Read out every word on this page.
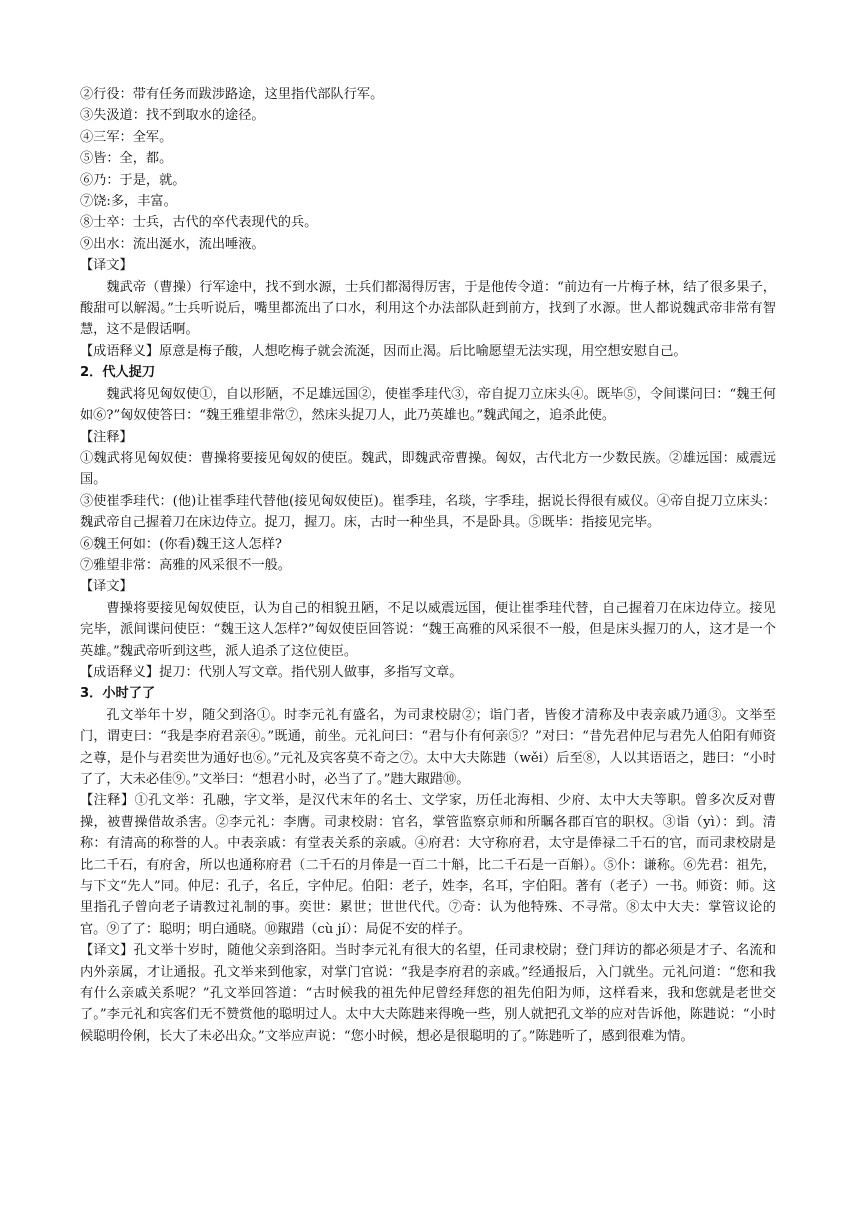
②行役：带有任务而跋涉路途，这里指代部队行军。
③失汲道：找不到取水的途径。
④三军：全军。
⑤皆：全，都。
⑥乃：于是，就。
⑦饶:多，丰富。
⑧士卒：士兵，古代的卒代表现代的兵。
⑨出水：流出涎水，流出唾液。
【译文】
魏武帝（曹操）行军途中，找不到水源，士兵们都渴得厉害，于是他传令道：“前边有一片梅子林，结了很多果子，酸甜可以解渴。”士兵听说后，嘴里都流出了口水，利用这个办法部队赶到前方，找到了水源。世人都说魏武帝非常有智慧，这不是假话啊。
【成语释义】原意是梅子酸，人想吃梅子就会流涎，因而止渴。后比喻愿望无法实现，用空想安慰自己。
2．代人捉刀
魏武将见匈奴使①，自以形陋，不足雄远国②，使崔季珪代③，帝自捉刀立床头④。既毕⑤，令间谍问曰：“魏王何如⑥?”匈奴使答曰：“魏王雅望非常⑦，然床头捉刀人，此乃英雄也。”魏武闻之，追杀此使。
【注释】
①魏武将见匈奴使：曹操将要接见匈奴的使臣。魏武，即魏武帝曹操。匈奴，古代北方一少数民族。②雄远国：威震远国。
③使崔季珪代：(他)让崔季珪代替他(接见匈奴使臣)。崔季珪，名琰，字季珪，据说长得很有威仪。④帝自捉刀立床头：魏武帝自己握着刀在床边侍立。捉刀，握刀。床，古时一种坐具，不是卧具。⑤既毕：指接见完毕。
⑥魏王何如：(你看)魏王这人怎样?
⑦雅望非常：高雅的风采很不一般。
【译文】
曹操将要接见匈奴使臣，认为自己的相貌丑陋，不足以威震远国，便让崔季珪代替，自己握着刀在床边侍立。接见完毕，派间谍问使臣：“魏王这人怎样?”匈奴使臣回答说：“魏王高雅的风采很不一般，但是床头握刀的人，这才是一个英雄。”魏武帝听到这些，派人追杀了这位使臣。
【成语释义】捉刀：代别人写文章。指代别人做事，多指写文章。
3．小时了了
孔文举年十岁，随父到洛①。时李元礼有盛名，为司隶校尉②；诣门者，皆俊才清称及中表亲戚乃通③。文举至门，谓吏曰：“我是李府君亲④。”既通，前坐。元礼问曰：“君与仆有何亲⑤？”对曰：“昔先君仲尼与君先人伯阳有师资之尊，是仆与君奕世为通好也⑥。”元礼及宾客莫不奇之⑦。太中大夫陈韪（wěi）后至⑧，人以其语语之，韪曰：“小时了了，大未必佳⑨。”文举曰：“想君小时，必当了了。”韪大踧踖⑩。
【注释】①孔文举：孔融，字文举，是汉代末年的名士、文学家，历任北海相、少府、太中大夫等职。曾多次反对曹操，被曹操借故杀害。②李元礼：李膺。司隶校尉：官名，掌管监察京师和所瞩各郡百官的职权。③诣（yì）：到。清称：有清高的称誉的人。中表亲戚：有堂表关系的亲戚。④府君：大守称府君，太守是俸禄二千石的官，而司隶校尉是比二千石，有府舍，所以也通称府君（二千石的月俸是一百二十斛，比二千石是一百斛）。⑤仆：谦称。⑥先君：祖先，与下文“先人”同。仲尼：孔子，名丘，字仲尼。伯阳：老子，姓李，名耳，字伯阳。著有（老子）一书。师资：师。这里指孔子曾向老子请教过礼制的事。奕世：累世；世世代代。⑦奇：认为他特殊、不寻常。⑧太中大夫：掌管议论的官。⑨了了：聪明；明白通晓。⑩踧踖（cù jí）：局促不安的样子。
【译文】孔文举十岁时，随他父亲到洛阳。当时李元礼有很大的名望，任司隶校尉；登门拜访的都必须是才子、名流和内外亲属，才让通报。孔文举来到他家，对掌门官说：“我是李府君的亲戚。”经通报后，入门就坐。元礼问道：“您和我有什么亲戚关系呢？”孔文举回答道：“古时候我的祖先仲尼曾经拜您的祖先伯阳为师，这样看来，我和您就是老世交了。”李元礼和宾客们无不赞赏他的聪明过人。太中大夫陈韪来得晚一些，别人就把孔文举的应对告诉他，陈韪说：“小时候聪明伶俐，长大了未必出众。”文举应声说：“您小时候，想必是很聪明的了。”陈韪听了，感到很难为情。
